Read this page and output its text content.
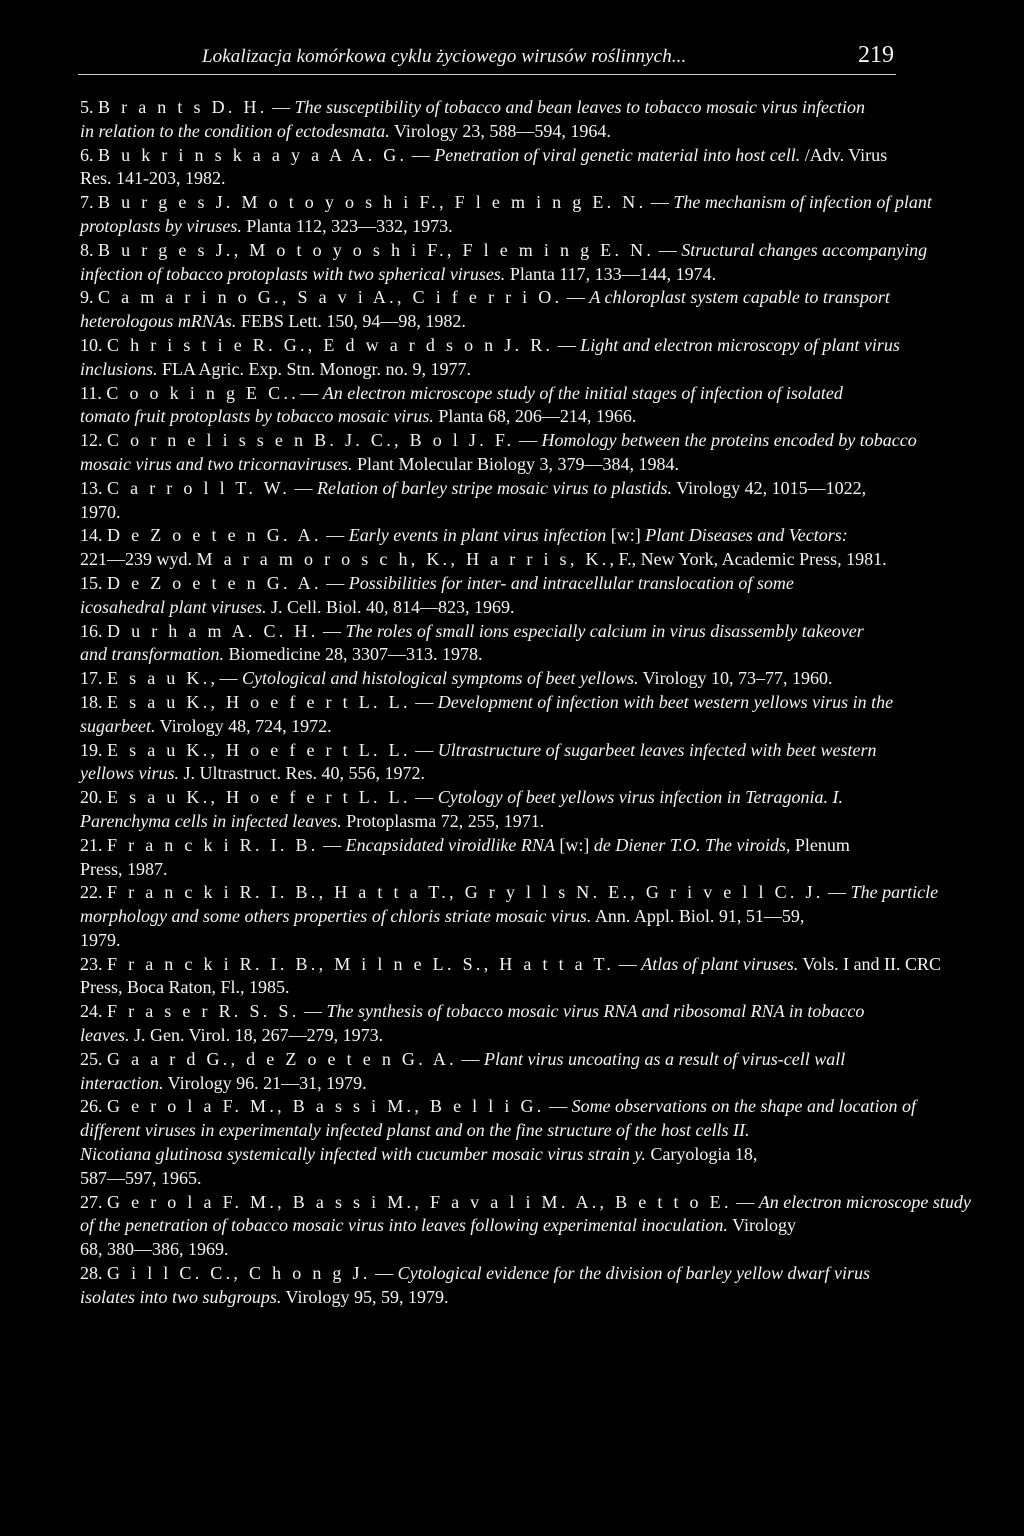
Lokalizacja komórkowa cyklu życiowego wirusów roślinnych...	219
5. B r a n t s D. H. — The susceptibility of tobacco and bean leaves to tobacco mosaic virus infection
in relation to the condition of ectodesmata. Virology 23, 588—594, 1964.
6. B u k r i n s k a a y a A A. G. — Penetration of viral genetic material into host cell. /Adv. Virus
Res. 141-203, 1982.
7. B u r g e s J. M o t o y o s h i F., F l e m i n g E. N. — The mechanism of infection of plant
protoplasts by viruses. Planta 112, 323—332, 1973.
8. B u r g e s J., M o t o y o s h i F., F l e m i n g E. N. — Structural changes accompanying
infection of tobacco protoplasts with two spherical viruses. Planta 117, 133—144, 1974.
9. C a m a r i n o G., S a v i A., C i f e r r i O. — A chloroplast system capable to transport
heterologous mRNAs. FEBS Lett. 150, 94—98, 1982.
10. C h r i s t i e R. G., E d w a r d s o n J. R. — Light and electron microscopy of plant virus
inclusions. FLA Agric. Exp. Stn. Monogr. no. 9, 1977.
11. C o o k i n g E C.. — An electron microscope study of the initial stages of infection of isolated
tomato fruit protoplasts by tobacco mosaic virus. Planta 68, 206—214, 1966.
12. C o r n e l i s s e n B. J. C., B o l J. F. — Homology between the proteins encoded by tobacco
mosaic virus and two tricornaviruses. Plant Molecular Biology 3, 379—384, 1984.
13. C a r r o l l T. W. — Relation of barley stripe mosaic virus to plastids. Virology 42, 1015—1022,
1970.
14. D e Z o e t e n G. A. — Early events in plant virus infection [w:] Plant Diseases and Vectors:
221—239 wyd. M a r a m o r o s c h, K., H a r r i s, K., F., New York, Academic Press, 1981.
15. D e Z o e t e n G. A. — Possibilities for inter- and intracellular translocation of some
icosahedral plant viruses. J. Cell. Biol. 40, 814—823, 1969.
16. D u r h a m A. C. H. — The roles of small ions especially calcium in virus disassembly takeover
and transformation. Biomedicine 28, 3307—313. 1978.
17. E s a u K., — Cytological and histological symptoms of beet yellows. Virology 10, 73–77, 1960.
18. E s a u K., H o e f e r t L. L. — Development of infection with beet western yellows virus in the
sugarbeet. Virology 48, 724, 1972.
19. E s a u K., H o e f e r t L. L. — Ultrastructure of sugarbeet leaves infected with beet western
yellows virus. J. Ultrastruct. Res. 40, 556, 1972.
20. E s a u K., H o e f e r t L. L. — Cytology of beet yellows virus infection in Tetragonia. I.
Parenchyma cells in infected leaves. Protoplasma 72, 255, 1971.
21. F r a n c k i R. I. B. — Encapsidated viroidlike RNA [w:] de Diener T.O. The viroids, Plenum
Press, 1987.
22. F r a n c k i R. I. B., H a t t a T., G r y l l s N. E., G r i v e l l C. J. — The particle
morphology and some others properties of chloris striate mosaic virus. Ann. Appl. Biol. 91, 51—59,
1979.
23. F r a n c k i R. I. B., M i l n e L. S., H a t t a T. — Atlas of plant viruses. Vols. I and II. CRC
Press, Boca Raton, Fl., 1985.
24. F r a s e r R. S. S. — The synthesis of tobacco mosaic virus RNA and ribosomal RNA in tobacco
leaves. J. Gen. Virol. 18, 267—279, 1973.
25. G a a r d G., d e Z o e t e n G. A. — Plant virus uncoating as a result of virus-cell wall
interaction. Virology 96. 21—31, 1979.
26. G e r o l a F. M., B a s s i M., B e l l i G. — Some observations on the shape and location of
different viruses in experimentaly infected planst and on the fine structure of the host cells II.
Nicotiana glutinosa systemically infected with cucumber mosaic virus strain y. Caryologia 18,
587—597, 1965.
27. G e r o l a F. M., B a s s i M., F a v a l i M. A., B e t t o E. — An electron microscope study
of the penetration of tobacco mosaic virus into leaves following experimental inoculation. Virology
68, 380—386, 1969.
28. G i l l C. C., C h o n g J. — Cytological evidence for the division of barley yellow dwarf virus
isolates into two subgroups. Virology 95, 59, 1979.
